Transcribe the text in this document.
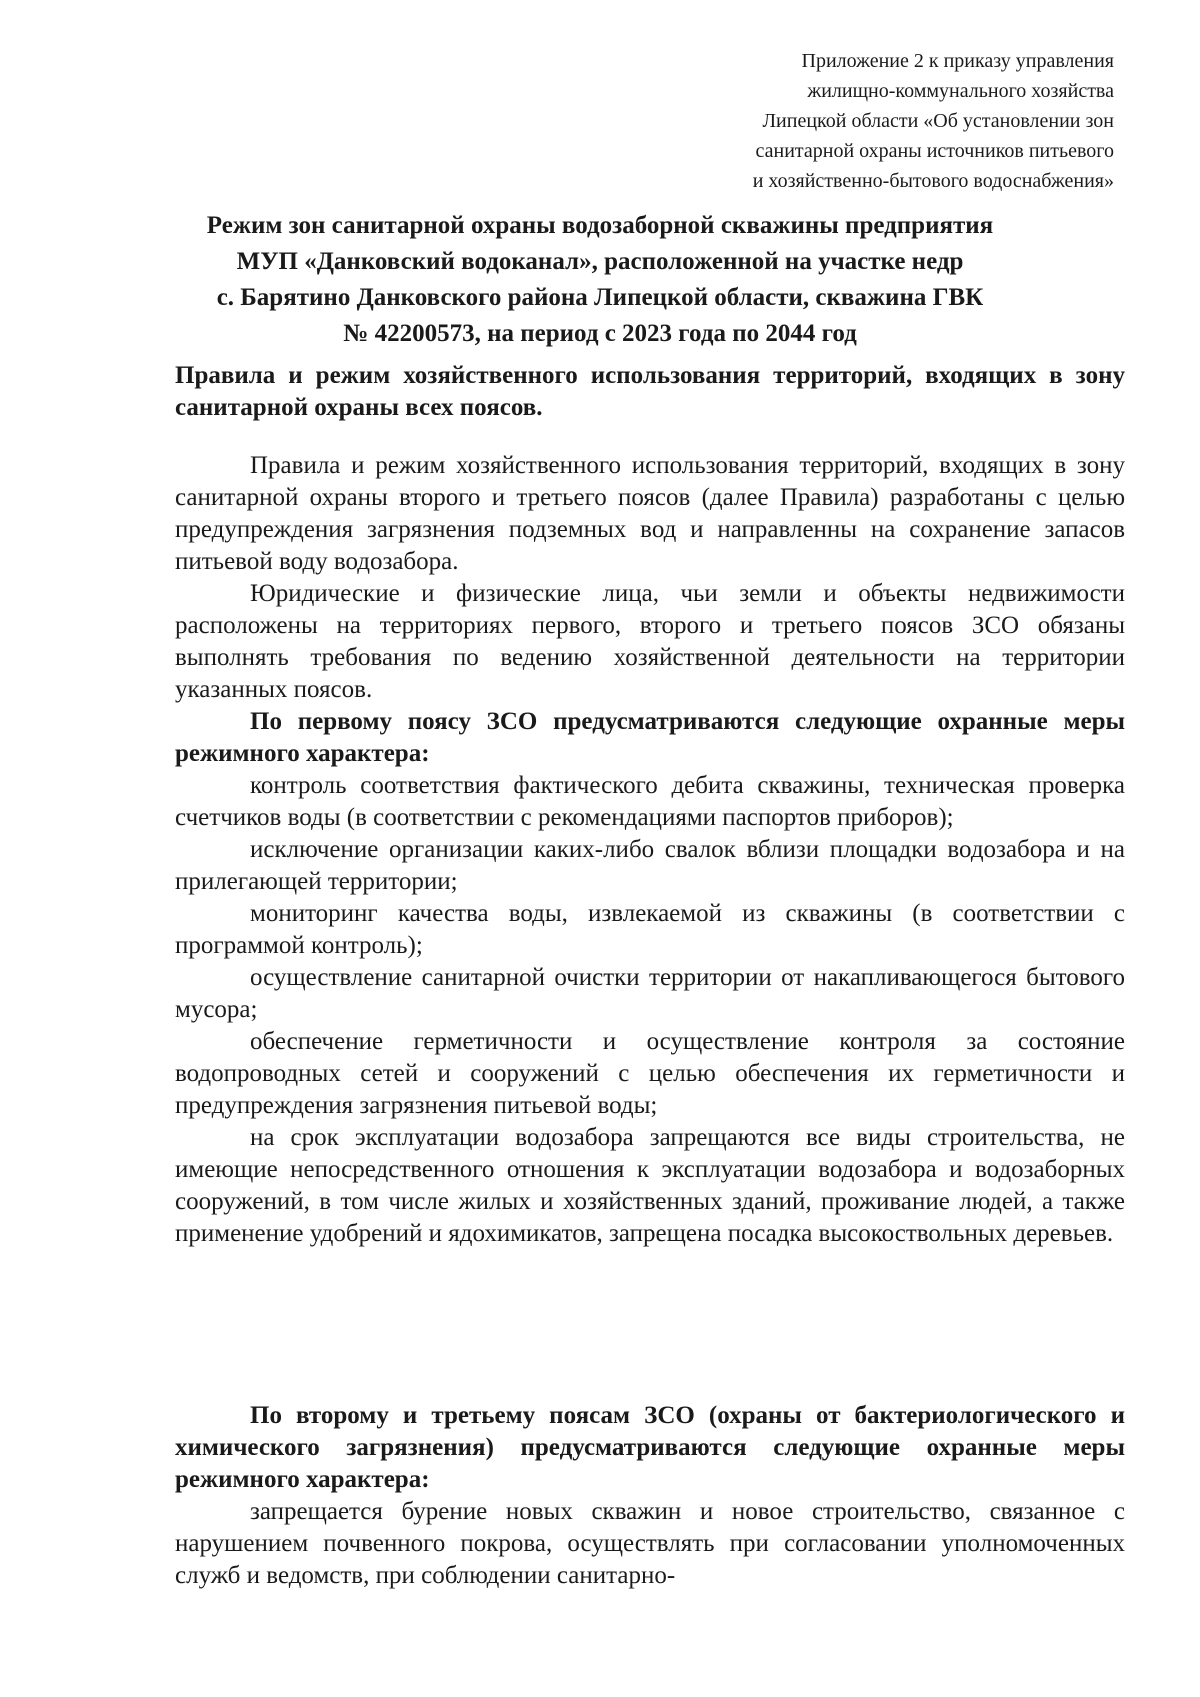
Приложение 2 к приказу управления
жилищно-коммунального хозяйства
Липецкой области «Об установлении зон
санитарной охраны источников питьевого
и хозяйственно-бытового водоснабжения»
Режим зон санитарной охраны водозаборной скважины предприятия
МУП «Данковский водоканал», расположенной на участке недр
с. Барятино Данковского района Липецкой области, скважина ГВК
№ 42200573, на период с 2023 года по 2044 год
Правила и режим хозяйственного использования территорий, входящих в зону санитарной охраны всех поясов.
Правила и режим хозяйственного использования территорий, входящих в зону санитарной охраны второго и третьего поясов (далее Правила) разработаны с целью предупреждения загрязнения подземных вод и направленны на сохранение запасов питьевой воду водозабора.
Юридические и физические лица, чьи земли и объекты недвижимости расположены на территориях первого, второго и третьего поясов ЗСО обязаны выполнять требования по ведению хозяйственной деятельности на территории указанных поясов.
По первому поясу ЗСО предусматриваются следующие охранные меры режимного характера:
контроль соответствия фактического дебита скважины, техническая проверка счетчиков воды (в соответствии с рекомендациями паспортов приборов);
исключение организации каких-либо свалок вблизи площадки водозабора и на прилегающей территории;
мониторинг качества воды, извлекаемой из скважины (в соответствии с программой контроль);
осуществление санитарной очистки территории от накапливающегося бытового мусора;
обеспечение герметичности и осуществление контроля за состояние водопроводных сетей и сооружений с целью обеспечения их герметичности и предупреждения загрязнения питьевой воды;
на срок эксплуатации водозабора запрещаются все виды строительства, не имеющие непосредственного отношения к эксплуатации водозабора и водозаборных сооружений, в том числе жилых и хозяйственных зданий, проживание людей, а также применение удобрений и ядохимикатов, запрещена посадка высокоствольных деревьев.
По второму и третьему поясам ЗСО (охраны от бактериологического и химического загрязнения) предусматриваются следующие охранные меры режимного характера:
запрещается бурение новых скважин и новое строительство, связанное с нарушением почвенного покрова, осуществлять при согласовании уполномоченных служб и ведомств, при соблюдении санитарно-
